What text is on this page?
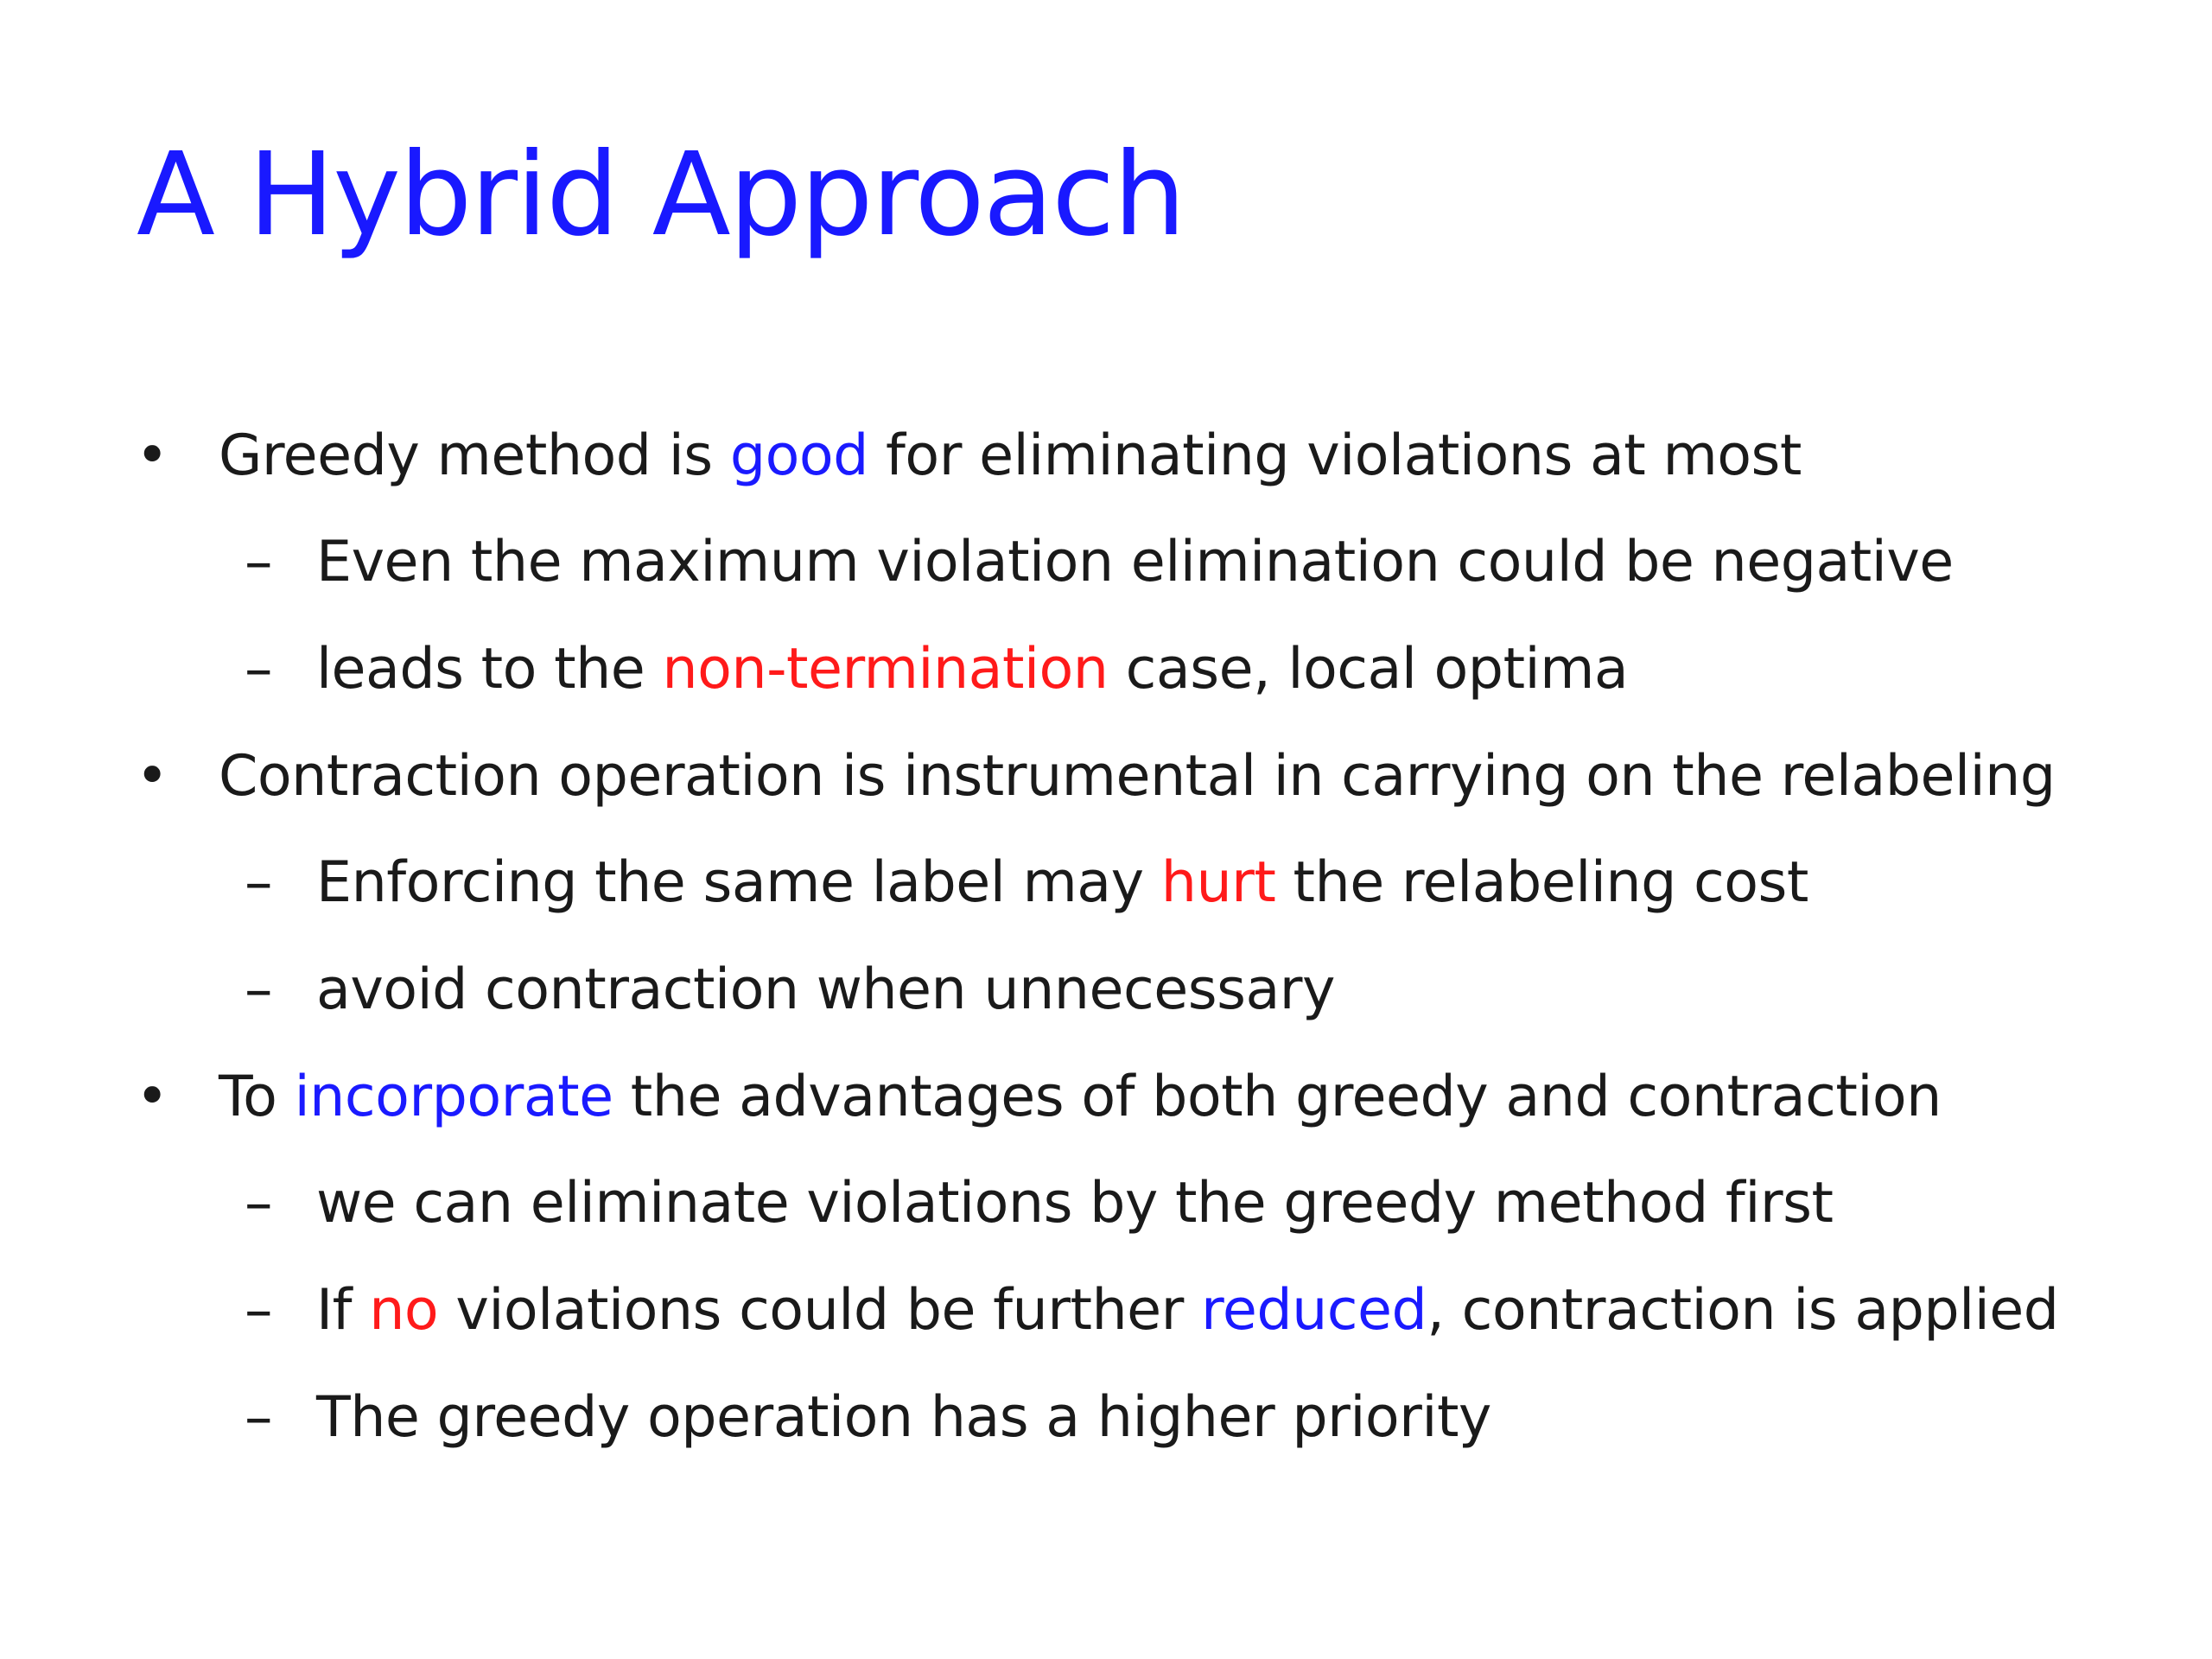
A Hybrid Approach
• Greedy method is good for eliminating violations at most
– Even the maximum violation elimination could be negative
– leads to the non-termination case, local optima
• Contraction operation is instrumental in carrying on the relabeling
– Enforcing the same label may hurt the relabeling cost
– avoid contraction when unnecessary
• To incorporate the advantages of both greedy and contraction
– we can eliminate violations by the greedy method first
– If no violations could be further reduced, contraction is applied
– The greedy operation has a higher priority
